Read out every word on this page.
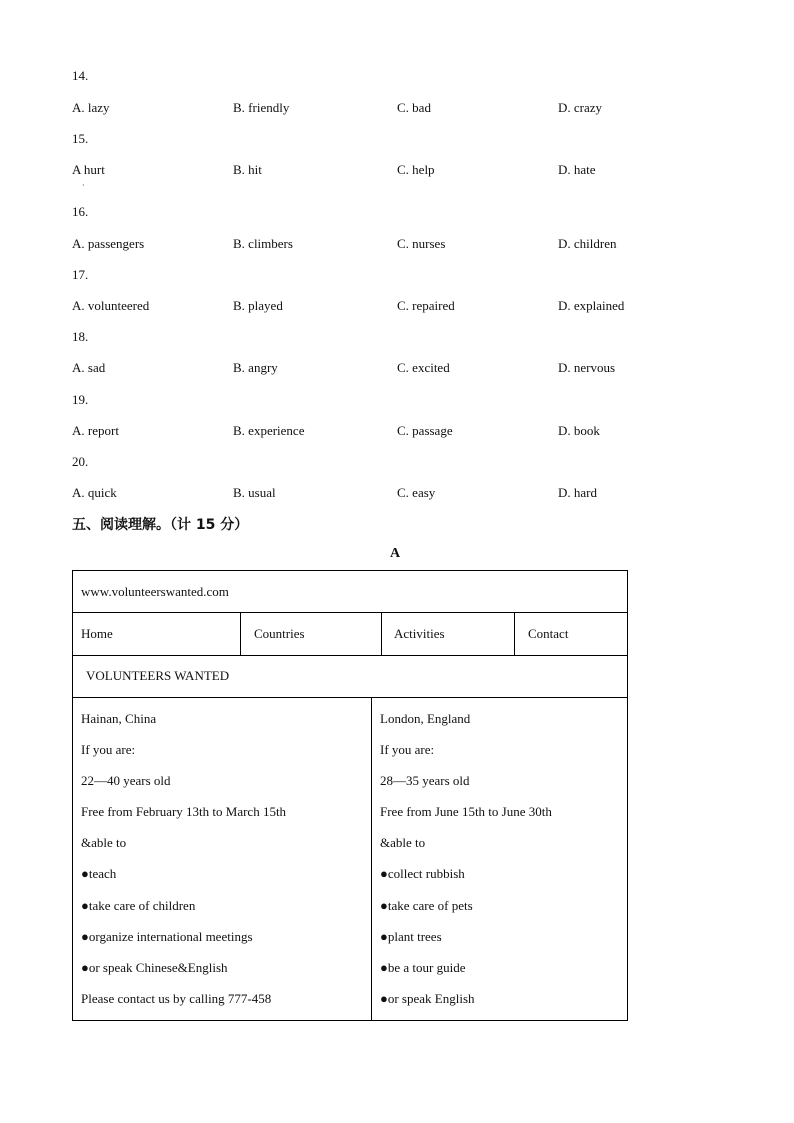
14.
A. lazy	B. friendly	C. bad	D. crazy
15.
A hurt	B. hit	C. help	D. hate
·
16.
A. passengers	B. climbers	C. nurses	D. children
17.
A. volunteered	B. played	C. repaired	D. explained
18.
A. sad	B. angry	C. excited	D. nervous
19.
A. report	B. experience	C. passage	D. book
20.
A. quick	B. usual	C. easy	D. hard
五、阅读理解。（计 15 分）
A
www.volunteerswanted.com
Home	Countries	Activities	Contact
VOLUNTEERS WANTED
Hainan, China
If you are:
22—40 years old
Free from February 13th to March 15th
&able to
●teach
●take care of children
●organize international meetings
●or speak Chinese&English
Please contact us by calling 777-458
London, England
If you are:
28—35 years old
Free from June 15th to June 30th
&able to
●collect rubbish
●take care of pets
●plant trees
●be a tour guide
●or speak English
